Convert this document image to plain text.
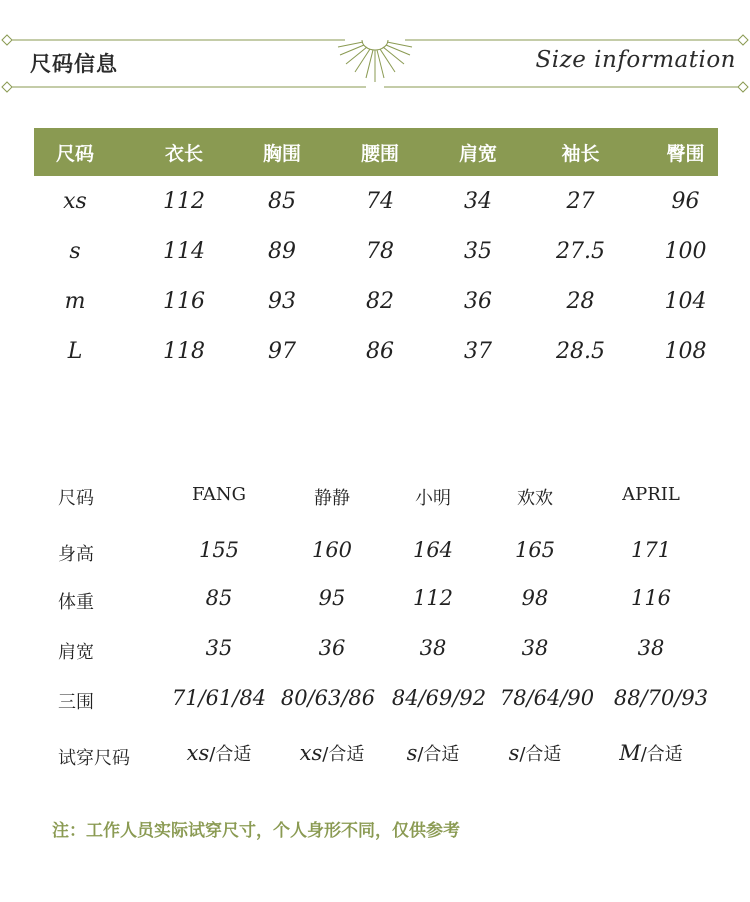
尺码信息	Size information
尺码	衣长	胸围	腰围	肩宽	袖长	臀围
xs	112	85	74	34	27	96
s	114	89	78	35	27.5	100
m	116	93	82	36	28	104
L	118	97	86	37	28.5	108
尺码	FANG	静静	小明	欢欢	APRIL
身高	155	160	164	165	171
体重	85	95	112	98	116
肩宽	35	36	38	38	38
三围	71/61/84 80/63/86 84/69/92 78/64/90 88/70/93
试穿尺码	xs/合适 xs/合适 s/合适 s/合适	M/合适
注：工作人员实际试穿尺寸，个人身形不同，仅供参考
